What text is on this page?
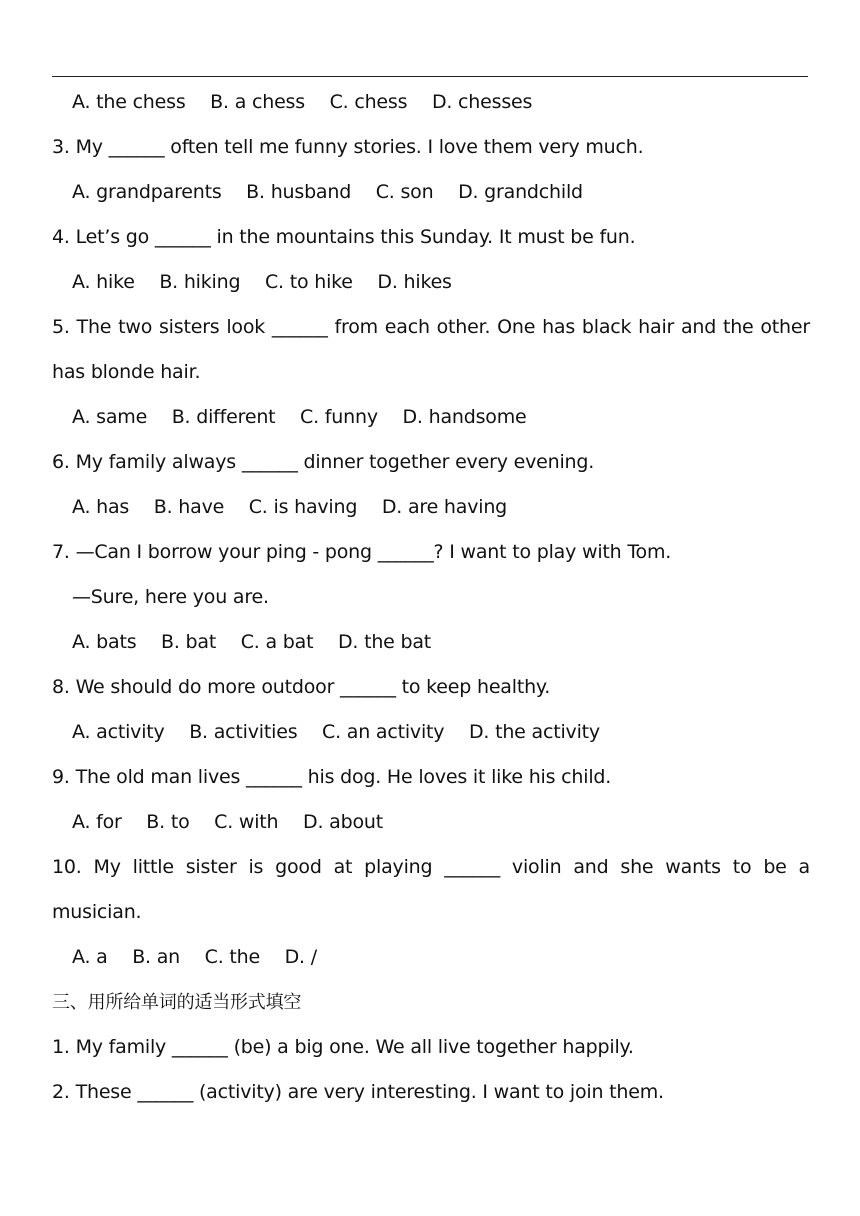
A. the chess  B. a chess  C. chess  D. chesses
3. My ______ often tell me funny stories. I love them very much.
A. grandparents  B. husband  C. son  D. grandchild
4. Let’s go ______ in the mountains this Sunday. It must be fun.
A. hike  B. hiking  C. to hike  D. hikes
5. The two sisters look ______ from each other. One has black hair and the other has blonde hair.
A. same  B. different  C. funny  D. handsome
6. My family always ______ dinner together every evening.
A. has  B. have  C. is having  D. are having
7. —Can I borrow your ping - pong ______? I want to play with Tom.
—Sure, here you are.
A. bats  B. bat  C. a bat  D. the bat
8. We should do more outdoor ______ to keep healthy.
A. activity  B. activities  C. an activity  D. the activity
9. The old man lives ______ his dog. He loves it like his child.
A. for  B. to  C. with  D. about
10. My little sister is good at playing ______ violin and she wants to be a musician.
A. a  B. an  C. the  D. /
三、用所给单词的适当形式填空
1. My family ______ (be) a big one. We all live together happily.
2. These ______ (activity) are very interesting. I want to join them.
